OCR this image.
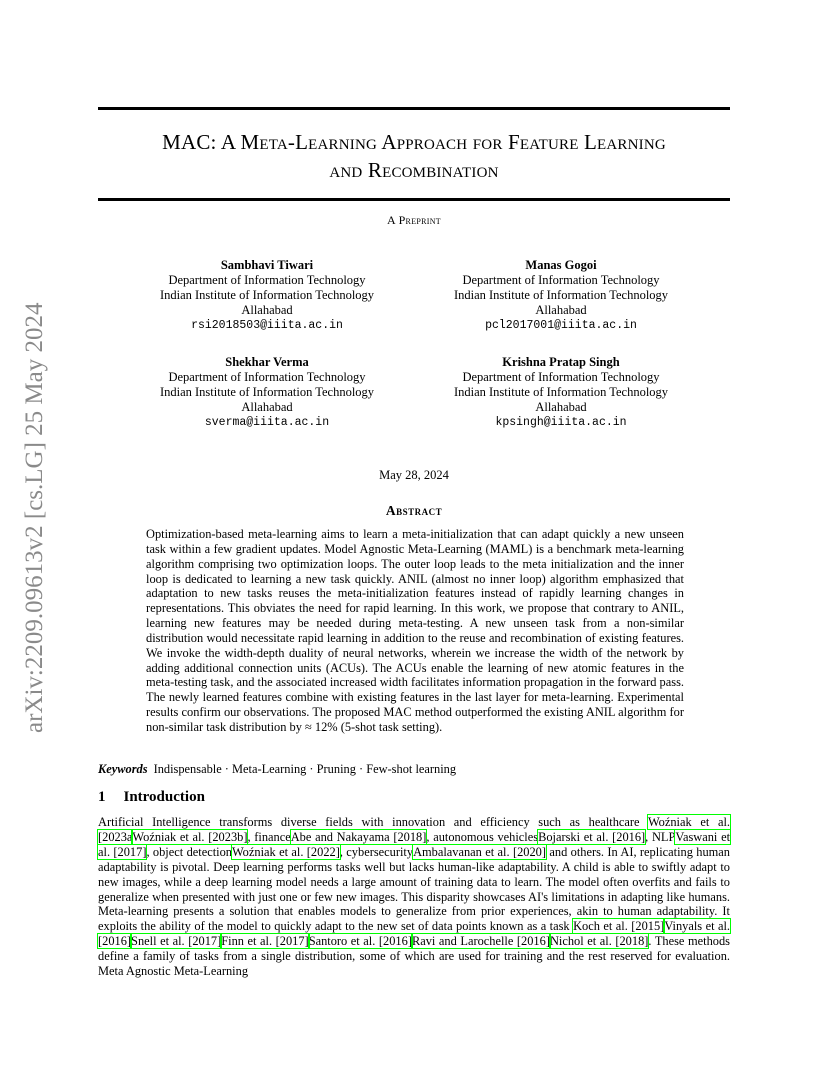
arXiv:2209.09613v2 [cs.LG] 25 May 2024
MAC: A Meta-Learning Approach for Feature Learning
and Recombination
A Preprint
Sambhavi Tiwari
Department of Information Technology
Indian Institute of Information Technology
Allahabad
rsi2018503@iiita.ac.in
Manas Gogoi
Department of Information Technology
Indian Institute of Information Technology
Allahabad
pcl2017001@iiita.ac.in
Shekhar Verma
Department of Information Technology
Indian Institute of Information Technology
Allahabad
sverma@iiita.ac.in
Krishna Pratap Singh
Department of Information Technology
Indian Institute of Information Technology
Allahabad
kpsingh@iiita.ac.in
May 28, 2024
Abstract
Optimization-based meta-learning aims to learn a meta-initialization that can adapt quickly a new unseen task within a few gradient updates. Model Agnostic Meta-Learning (MAML) is a benchmark meta-learning algorithm comprising two optimization loops. The outer loop leads to the meta initialization and the inner loop is dedicated to learning a new task quickly. ANIL (almost no inner loop) algorithm emphasized that adaptation to new tasks reuses the meta-initialization features instead of rapidly learning changes in representations. This obviates the need for rapid learning. In this work, we propose that contrary to ANIL, learning new features may be needed during meta-testing. A new unseen task from a non-similar distribution would necessitate rapid learning in addition to the reuse and recombination of existing features. We invoke the width-depth duality of neural networks, wherein we increase the width of the network by adding additional connection units (ACUs). The ACUs enable the learning of new atomic features in the meta-testing task, and the associated increased width facilitates information propagation in the forward pass. The newly learned features combine with existing features in the last layer for meta-learning. Experimental results confirm our observations. The proposed MAC method outperformed the existing ANIL algorithm for non-similar task distribution by ≈ 12% (5-shot task setting).
Keywords Indispensable · Meta-Learning · Pruning · Few-shot learning
1 Introduction
Artificial Intelligence transforms diverse fields with innovation and efficiency such as healthcare Woźniak et al. [2023aWoźniak et al. [2023b], financeAbe and Nakayama [2018], autonomous vehiclesBojarski et al. [2016], NLPVaswani et al. [2017], object detectionWoźniak et al. [2022], cybersecurityAmbalavanan et al. [2020] and others. In AI, replicating human adaptability is pivotal. Deep learning performs tasks well but lacks human-like adaptability. A child is able to swiftly adapt to new images, while a deep learning model needs a large amount of training data to learn. The model often overfits and fails to generalize when presented with just one or few new images. This disparity showcases AI's limitations in adapting like humans. Meta-learning presents a solution that enables models to generalize from prior experiences, akin to human adaptability. It exploits the ability of the model to quickly adapt to the new set of data points known as a task Koch et al. [2015]Vinyals et al. [2016]Snell et al. [2017]Finn et al. [2017]Santoro et al. [2016]Ravi and Larochelle [2016]Nichol et al. [2018]. These methods define a family of tasks from a single distribution, some of which are used for training and the rest reserved for evaluation. Meta Agnostic Meta-Learning
